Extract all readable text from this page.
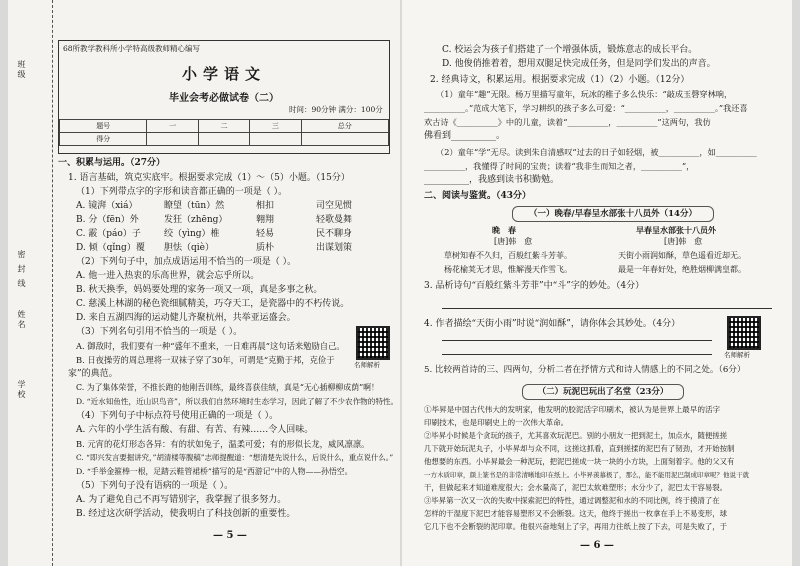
班级
密 封 线
姓名
学校
68所教学教科所小学特高级教师精心编写
小学语文
毕业会考必做试卷（二）
时间：90分钟 满分：100分
题号	一	二	三	总分
得分				
一、积累与运用。（27分）
1. 语言基础，筑克实底牢。根据要求完成（1）～（5）小题。（15分）
（1）下列带点字的字形和读音都正确的一项是（ ）。
A. 镜湃（xiá）	瞭望（tūn）然	相扣	司空见惯
B. 分（fēn）外	发狂（zhēng）	翱翔	轻歌曼舞
C. 霰（páo）子	绞（yìng）椎	轻易	民不聊身
D. 倾（qǐng）覆 胆怯（qiè）	质朴	出谋划策
（2）下列句子中，加点成语运用不恰当的一项是（ ）。
A. 他一进入热衷的乐高世界，就会忘乎所以。
B. 秋天换季，妈妈要处理的家务一项又一项，真是多事之秋。
C. 慈溪上林湖的秘色瓷细腻精美，巧夺天工，是瓷器中的不朽传说。
D. 来自五湖四海的运动健儿齐聚杭州，共举亚运盛会。
（3）下列名句引用不恰当的一项是（ ）。
A. 御敌时，我们要有一种“盛年不重来，一日难再晨”这句话来勉励自己。
B. 日夜操劳的周总理将一双袜子穿了30年，可谓是“克勤于邦，克俭于
家”的典范。
名师解析
C. 为了集体荣誉，不推长跑的他刚吾训练，最终喜获佳绩，真是“无心插柳柳成荫”啊！
D. “近水知鱼性，近山识鸟音”，所以我们自然环境时生态学习，因此了解了不少农作物的特性。
（4）下列句子中标点符号使用正确的一项是（ ）。
A. 六年的小学生活有酸、有甜、有苦、有辣……令人回味。
B. 元宵的花灯形态各异：有的状如兔子，温柔可爱；有的形似长龙，威风凛凛。
C. “即兴发言要掘讲究，”胡清楼等腹稿”志师提醒道：“想清楚先说什么，后说什么，重点说什么。”
D. “手举金箍棒一根，足踏云鞋管裙桥”描写的是“西游记”中的人物——孙悟空。
（5）下列句子没有语病的一项是（ ）。
A. 为了避免自己不再写错别字，我掌握了很多努力。
B. 经过这次研学活动，使我明白了科技创新的重要性。
— 5 —
C. 校运会为孩子们搭建了一个增强体质，锻炼意志的成长平台。
D. 他俊俏推着着，想用双腿足快完成任务，但是同学们发出的声音。
2. 经典诗文，积累运用。根据要求完成（1）（2）小题。（12分）
（1）童年“趣”无限。杨万里描写童年，玩冰的稚子多么快乐：“敲成玉磬穿林响，
__________。”范成大笔下，学习耕织的孩子多么可爱：“__________，__________。”我还喜
欢古诗《__________》中的儿童，读着“__________，__________”这两句，我仿
佛看到__________。
（2）童年“学”无尽。读到朱自清感叹“过去的日子如轻烟，被__________，如__________
__________，我懂得了时间的宝贵；读着“我非生而知之者，__________”，
__________，我感到读书积勤勉。
二、阅读与鉴赏。（43分）
（一）晚春/早春呈水部张十八员外（14分）
晚　春
[唐]韩　愈
草树知春不久归，百般红紫斗芳菲。
杨花榆荚无才思，惟解漫天作雪飞。
早春呈水部张十八员外
[唐]韩　愈
天街小雨润如酥，草色遥看近却无。
最是一年春好处，绝胜烟柳满皇都。
3. 品析诗句“百般红紫斗芳菲”中“斗”字的妙处。（4分）
4. 作者描绘“天街小雨”时说“润如酥”，请你体会其妙处。（4分）
名师解析
5. 比较两首诗的三、四两句，分析二者在抒情方式和诗人情感上的不同之处。（6分）
（二）玩泥巴玩出了名堂（23分）
①毕昇是中国古代伟大的发明家，他发明的胶泥活字印刷术，被认为是世界上最早的活字
印刷技术，也是印刷史上的一次伟大革命。
②毕昇小时候是个贪玩的孩子，尤其喜欢玩泥巴。别的小朋友一把到泥土，加点水，随便搓搓
几下就开始玩泥丸子，小毕昇却与众不同，这搓这抓看，直到搓揉的泥巴有了韧劲，才开始按制
他想要的东西。小毕昇最会一种泥玩，把泥巴搓成一块一块的小方块，上面刻着字。他的父又有
一方木质印章，颜上篆书是的非常清晰地印在纸上。小毕昇羡慕极了，那么，能不能用泥巴制成印章呢？他说干就
干，但做起来才知道难度很大；会水量高了，泥巴太软难塑形；水分少了，泥巴太干容易裂。
③毕昇第一次又一次的失败中探索泥巴的特性，通过调整泥和水的不同比例，终于摸清了在
怎样的干湿度下泥巴才能容易塑形又不会断裂。这天，他终于搓出一枚拿在手上不易变形，球
它几下也不会断裂的泥印章。他很兴奋地刻上了字，再用力往纸上按了下去，可是失败了，于
— 6 —
